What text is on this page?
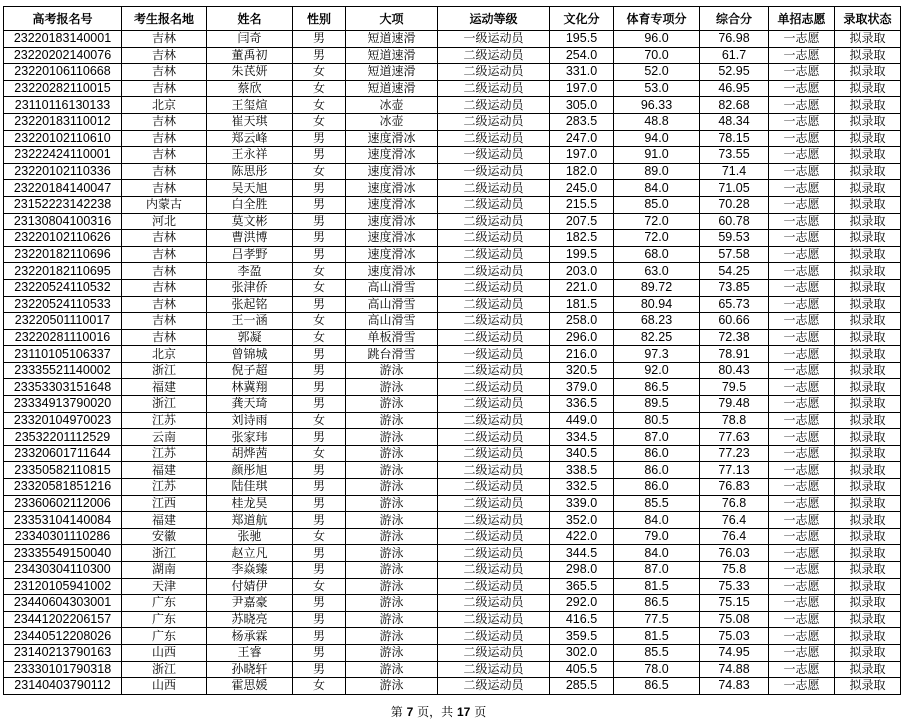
高考报名号	考生报名地	姓名	性别	大项	运动等级	文化分	体育专项分	综合分	单招志愿	录取状态
23220183140001	吉林	闫奇	男	短道速滑	一级运动员	195.5	96.0	76.98	一志愿	拟录取
23220202140076	吉林	董禹初	男	短道速滑	二级运动员	254.0	70.0	61.7	一志愿	拟录取
23220106110668	吉林	朱芪妍	女	短道速滑	二级运动员	331.0	52.0	52.95	一志愿	拟录取
23220282110015	吉林	蔡欣	女	短道速滑	二级运动员	197.0	53.0	46.95	一志愿	拟录取
23110116130133	北京	王玺煊	女	冰壶	二级运动员	305.0	96.33	82.68	一志愿	拟录取
23220183110012	吉林	崔天琪	女	冰壶	二级运动员	283.5	48.8	48.34	一志愿	拟录取
23220102110610	吉林	郑云峰	男	速度滑冰	二级运动员	247.0	94.0	78.15	一志愿	拟录取
23222424110001	吉林	王永祥	男	速度滑冰	一级运动员	197.0	91.0	73.55	一志愿	拟录取
23220102110336	吉林	陈思彤	女	速度滑冰	一级运动员	182.0	89.0	71.4	一志愿	拟录取
23220184140047	吉林	吴天旭	男	速度滑冰	二级运动员	245.0	84.0	71.05	一志愿	拟录取
23152223142238	内蒙古	白全胜	男	速度滑冰	二级运动员	215.5	85.0	70.28	一志愿	拟录取
23130804100316	河北	莫文彬	男	速度滑冰	二级运动员	207.5	72.0	60.78	一志愿	拟录取
23220102110626	吉林	曹洪博	男	速度滑冰	二级运动员	182.5	72.0	59.53	一志愿	拟录取
23220182110696	吉林	吕孝野	男	速度滑冰	二级运动员	199.5	68.0	57.58	一志愿	拟录取
23220182110695	吉林	李盈	女	速度滑冰	二级运动员	203.0	63.0	54.25	一志愿	拟录取
23220524110532	吉林	张津侨	女	高山滑雪	二级运动员	221.0	89.72	73.85	一志愿	拟录取
23220524110533	吉林	张起铭	男	高山滑雪	二级运动员	181.5	80.94	65.73	一志愿	拟录取
23220501110017	吉林	王一涵	女	高山滑雪	二级运动员	258.0	68.23	60.66	一志愿	拟录取
23220281110016	吉林	郭凝	女	单板滑雪	二级运动员	296.0	82.25	72.38	一志愿	拟录取
23110105106337	北京	曾锦城	男	跳台滑雪	一级运动员	216.0	97.3	78.91	一志愿	拟录取
23335521140002	浙江	倪子超	男	游泳	二级运动员	320.5	92.0	80.43	一志愿	拟录取
23353303151648	福建	林冀翔	男	游泳	二级运动员	379.0	86.5	79.5	一志愿	拟录取
23334913790020	浙江	龚天琦	男	游泳	二级运动员	336.5	89.5	79.48	一志愿	拟录取
23320104970023	江苏	刘诗雨	女	游泳	二级运动员	449.0	80.5	78.8	一志愿	拟录取
23532201112529	云南	张家玮	男	游泳	二级运动员	334.5	87.0	77.63	一志愿	拟录取
23320601711644	江苏	胡烨茜	女	游泳	二级运动员	340.5	86.0	77.23	一志愿	拟录取
23350582110815	福建	颜彤旭	男	游泳	二级运动员	338.5	86.0	77.13	一志愿	拟录取
23320581851216	江苏	陆佳琪	男	游泳	二级运动员	332.5	86.0	76.83	一志愿	拟录取
23360602112006	江西	桂龙昊	男	游泳	二级运动员	339.0	85.5	76.8	一志愿	拟录取
23353104140084	福建	郑道航	男	游泳	二级运动员	352.0	84.0	76.4	一志愿	拟录取
23340301110286	安徽	张驰	女	游泳	二级运动员	422.0	79.0	76.4	一志愿	拟录取
23335549150040	浙江	赵立凡	男	游泳	二级运动员	344.5	84.0	76.03	一志愿	拟录取
23430304110300	湖南	李焱臻	男	游泳	二级运动员	298.0	87.0	75.8	一志愿	拟录取
23120105941002	天津	付婧伊	女	游泳	二级运动员	365.5	81.5	75.33	一志愿	拟录取
23440604303001	广东	尹嘉豪	男	游泳	二级运动员	292.0	86.5	75.15	一志愿	拟录取
23441202206157	广东	苏晓亮	男	游泳	二级运动员	416.5	77.5	75.08	一志愿	拟录取
23440512208026	广东	杨承霖	男	游泳	二级运动员	359.5	81.5	75.03	一志愿	拟录取
23140213790163	山西	王睿	男	游泳	二级运动员	302.0	85.5	74.95	一志愿	拟录取
23330101790318	浙江	孙晓轩	男	游泳	二级运动员	405.5	78.0	74.88	一志愿	拟录取
23140403790112	山西	霍思媛	女	游泳	二级运动员	285.5	86.5	74.83	一志愿	拟录取
第 7 页，共 17 页
